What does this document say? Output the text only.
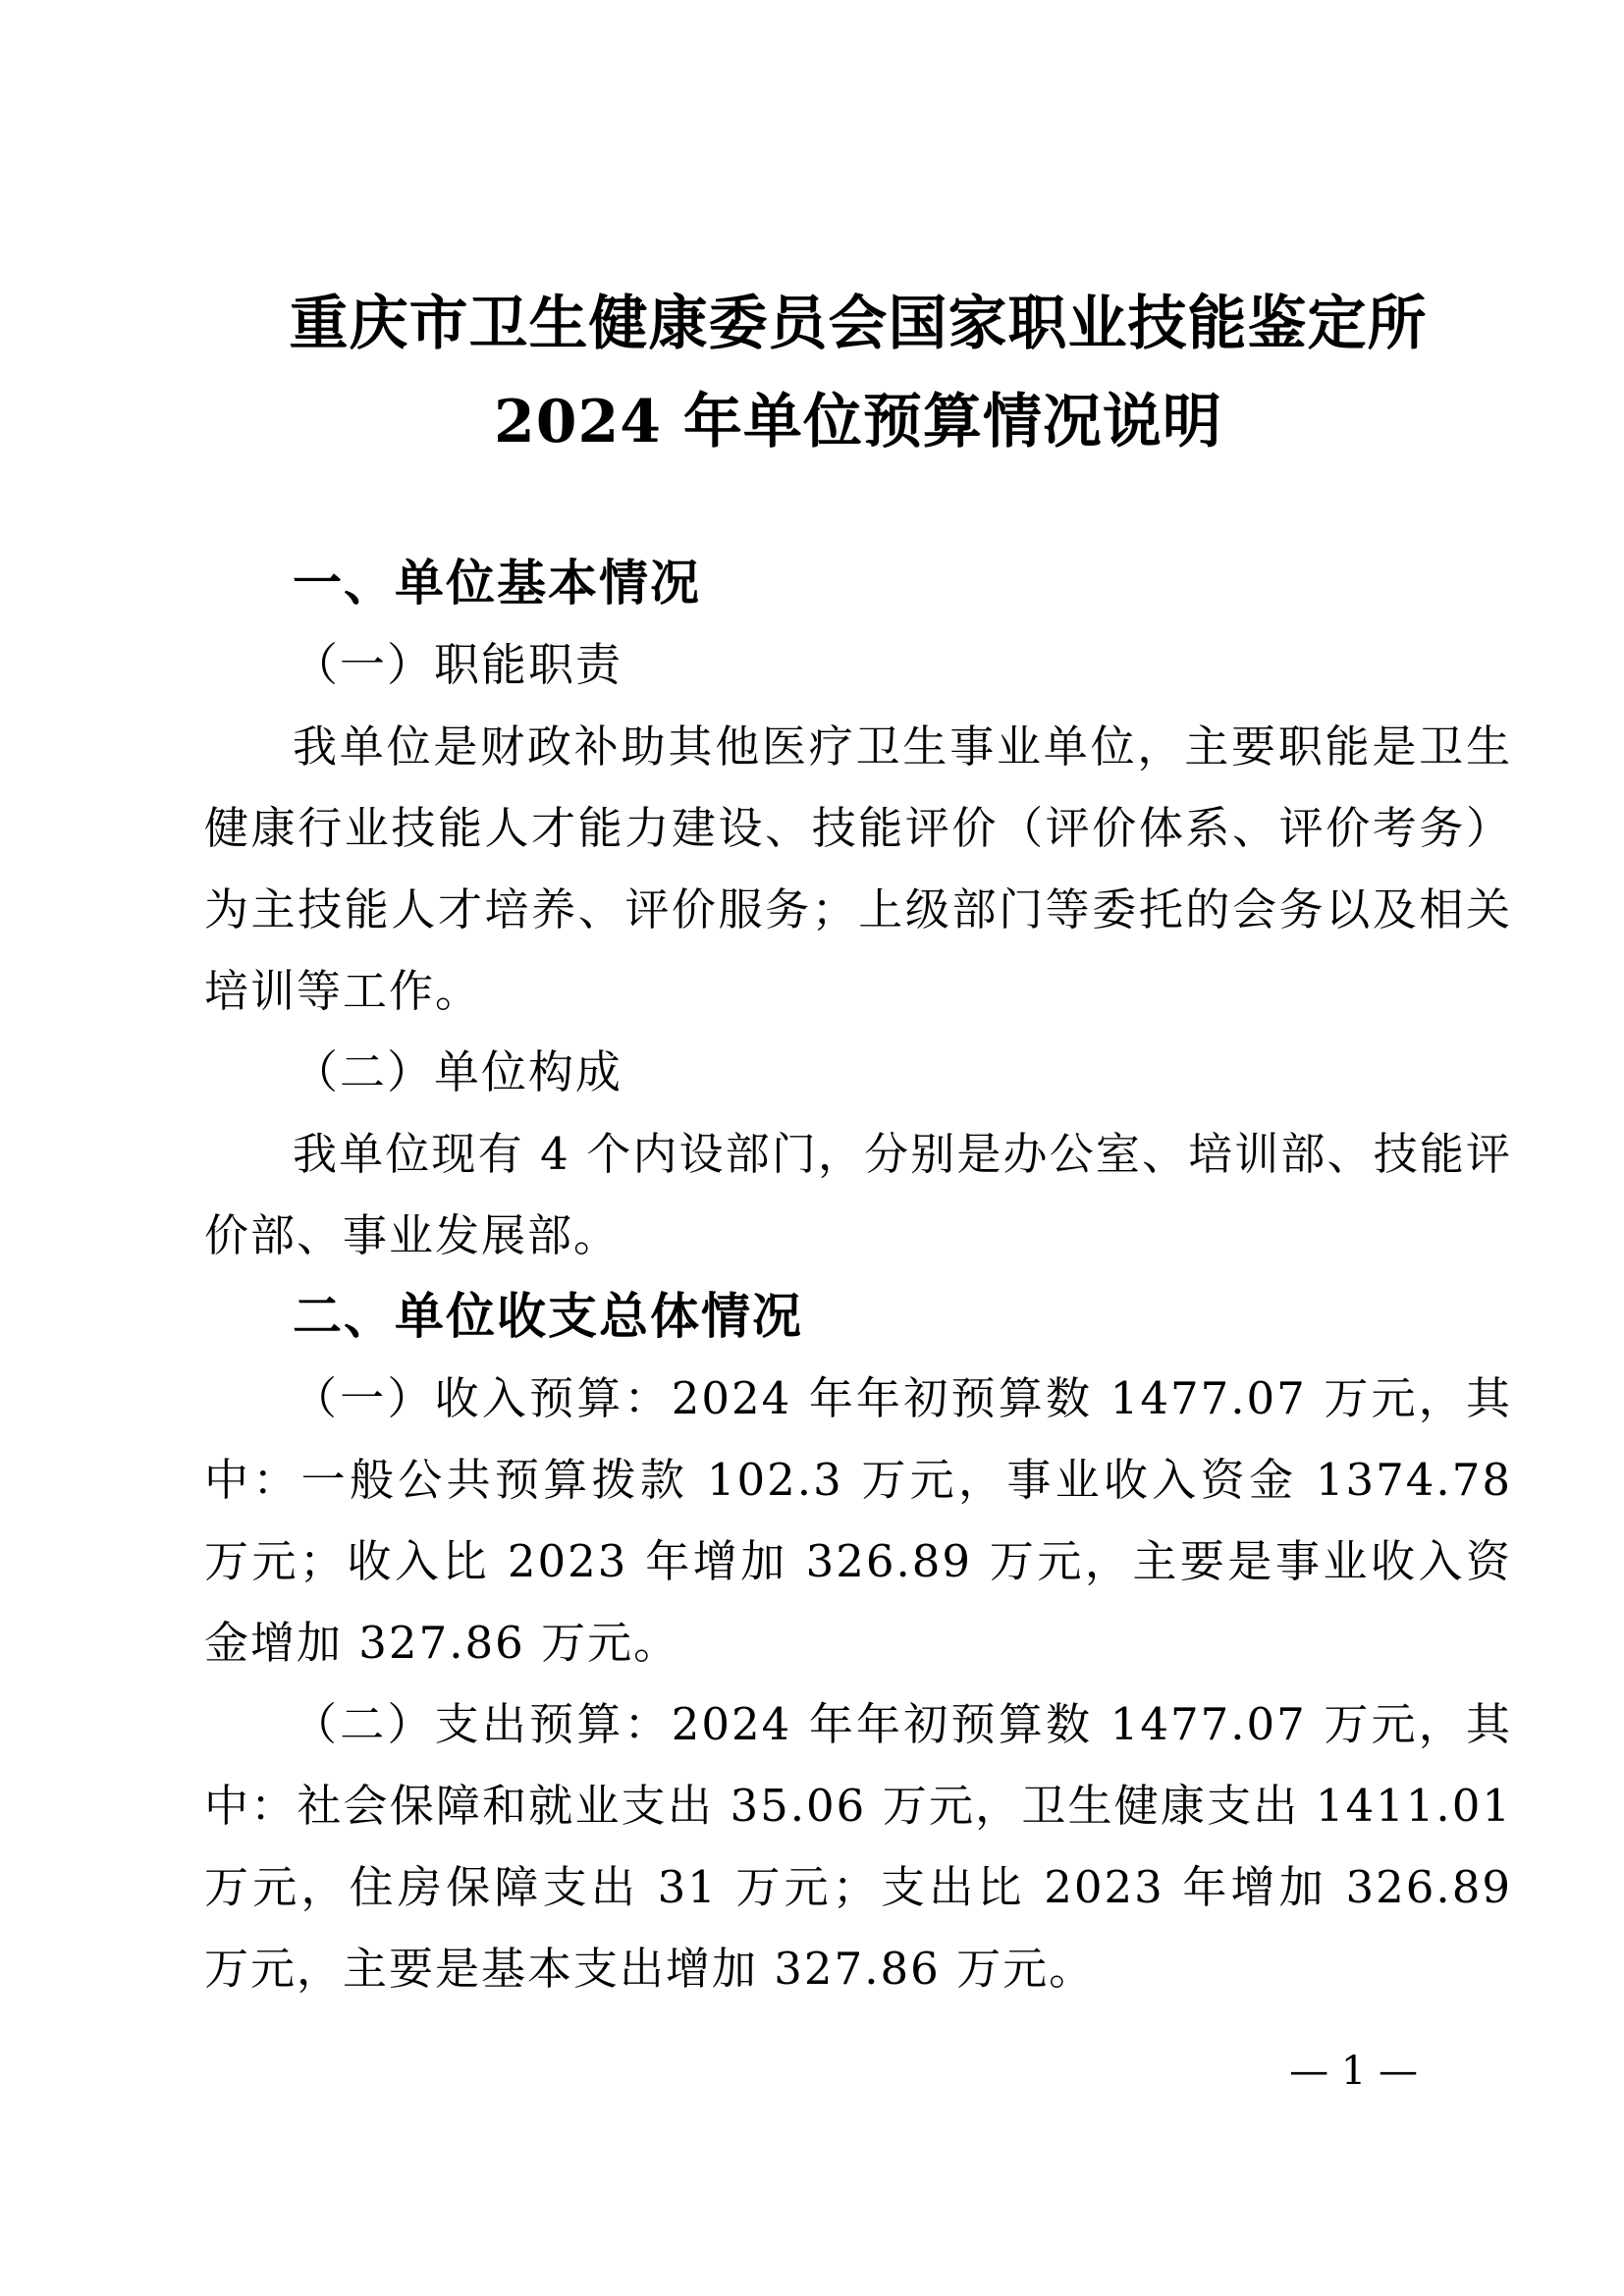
重庆市卫生健康委员会国家职业技能鉴定所
2024 年单位预算情况说明

一、单位基本情况

（一）职能职责

我单位是财政补助其他医疗卫生事业单位，主要职能是卫生健康行业技能人才能力建设、技能评价（评价体系、评价考务）为主技能人才培养、评价服务；上级部门等委托的会务以及相关培训等工作。

（二）单位构成

我单位现有 4 个内设部门，分别是办公室、培训部、技能评价部、事业发展部。

二、单位收支总体情况

（一）收入预算：2024 年年初预算数 1477.07 万元，其中：一般公共预算拨款 102.3 万元，事业收入资金 1374.78 万元；收入比 2023 年增加 326.89 万元，主要是事业收入资金增加 327.86 万元。

（二）支出预算：2024 年年初预算数 1477.07 万元，其中：社会保障和就业支出 35.06 万元，卫生健康支出 1411.01 万元，住房保障支出 31 万元；支出比 2023 年增加 326.89 万元，主要是基本支出增加 327.86 万元。

— 1 —
